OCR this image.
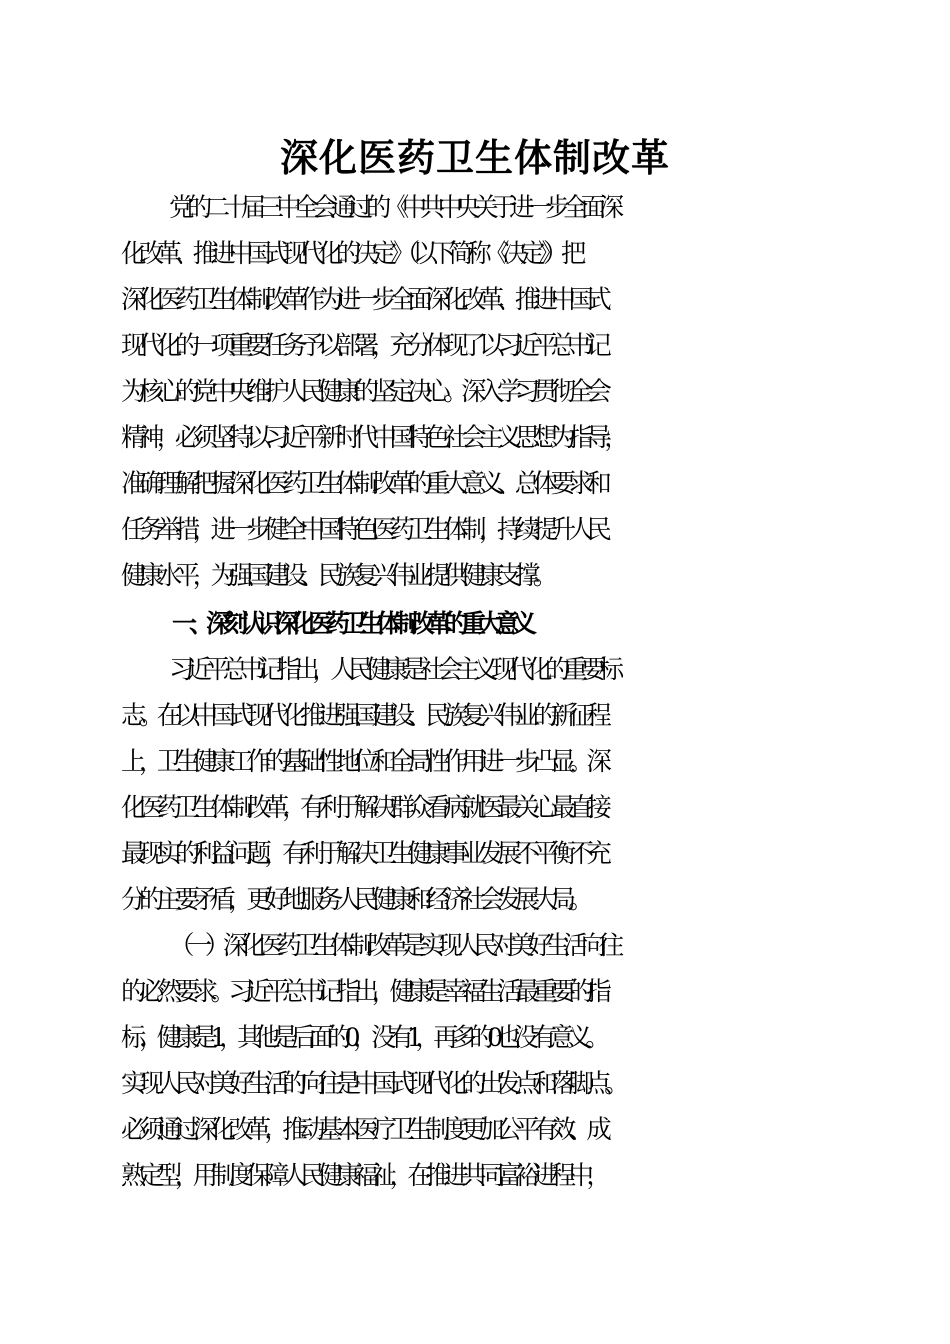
深化医药卫生体制改革
党的二十届三中全会通过的《中共中央关于进一步全面深
化改革、推进中国式现代化的决定》（以下简称《决定》）把
深化医药卫生体制改革作为进一步全面深化改革、推进中国式
现代化的一项重要任务予以部署，充分体现了以习近平总书记
为核心的党中央维护人民健康的坚定决心。深入学习贯彻全会
精神，必须坚持以习近平新时代中国特色社会主义思想为指导，
准确理解把握深化医药卫生体制改革的重大意义、总体要求和
任务举措，进一步健全中国特色医药卫生体制，持续提升人民
健康水平，为强国建设、民族复兴伟业提供健康支撑。
一、深刻认识深化医药卫生体制改革的重大意义
习近平总书记指出，人民健康是社会主义现代化的重要标
志。在以中国式现代化推进强国建设、民族复兴伟业的新征程
上，卫生健康工作的基础性地位和全局性作用进一步凸显。深
化医药卫生体制改革，有利于解决群众看病就医最关心最直接
最现实的利益问题，有利于解决卫生健康事业发展不平衡不充
分的主要矛盾，更好地服务人民健康和经济社会发展大局。
（一）深化医药卫生体制改革是实现人民对美好生活向往
的必然要求。习近平总书记指出，健康是幸福生活最重要的指
标，健康是1，其他是后面的0，没有1，再多的0也没有意义。
实现人民对美好生活的向往是中国式现代化的出发点和落脚点。
必须通过深化改革，推动基本医疗卫生制度更加公平有效、成
熟定型，用制度保障人民健康福祉，在推进共同富裕进程中，
